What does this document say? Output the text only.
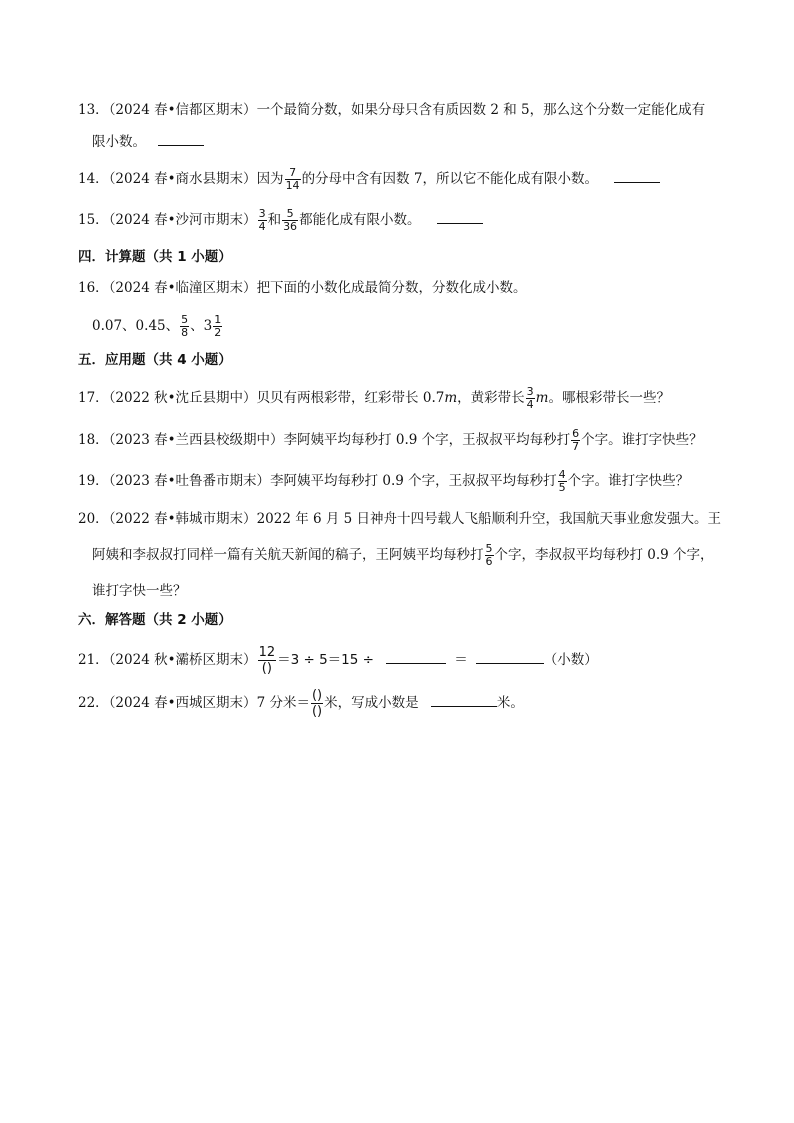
13．（2024 春•信都区期末）一个最简分数，如果分母只含有质因数 2 和 5，那么这个分数一定能化成有
限小数。
14．（2024 春•商水县期末）因为 $\frac{7}{14}$ 的分母中含有因数 7，所以它不能化成有限小数。
15．（2024 春•沙河市期末） $\frac{3}{4}$ 和 $\frac{5}{36}$ 都能化成有限小数。
四．计算题（共 1 小题）
16．（2024 春•临潼区期末）把下面的小数化成最简分数，分数化成小数。
0.07、0.45、 $\frac{5}{8}$ 、$3 \frac{1}{2}$
五．应用题（共 4 小题）
17．（2022 秋•沈丘县期中）贝贝有两根彩带，红彩带长 0.7m，黄彩带长 $\frac{3}{4}$ m。哪根彩带长一些？
18．（2023 春•兰西县校级期中）李阿姨平均每秒打 0.9 个字，王叔叔平均每秒打 $\frac{6}{7}$ 个字。谁打字快些？
19．（2023 春•吐鲁番市期末）李阿姨平均每秒打 0.9 个字，王叔叔平均每秒打 $\frac{4}{5}$ 个字。谁打字快些？
20．（2022 春•韩城市期末）2022 年 6 月 5 日神舟十四号载人飞船顺利升空，我国航天事业愈发强大。王
阿姨和李叔叔打同样一篇有关航天新闻的稿子，王阿姨平均每秒打 $\frac{5}{6}$ 个字，李叔叔平均每秒打 0.9 个字，
谁打字快一些？
六．解答题（共 2 小题）
21．（2024 秋•灞桥区期末） $\frac{12}{()} =3 \div 5=15$ ÷	＝	（小数）
22．（2024 春•西城区期末）7 分米＝ $\frac{()}{()}$ 米，写成小数是	米。
